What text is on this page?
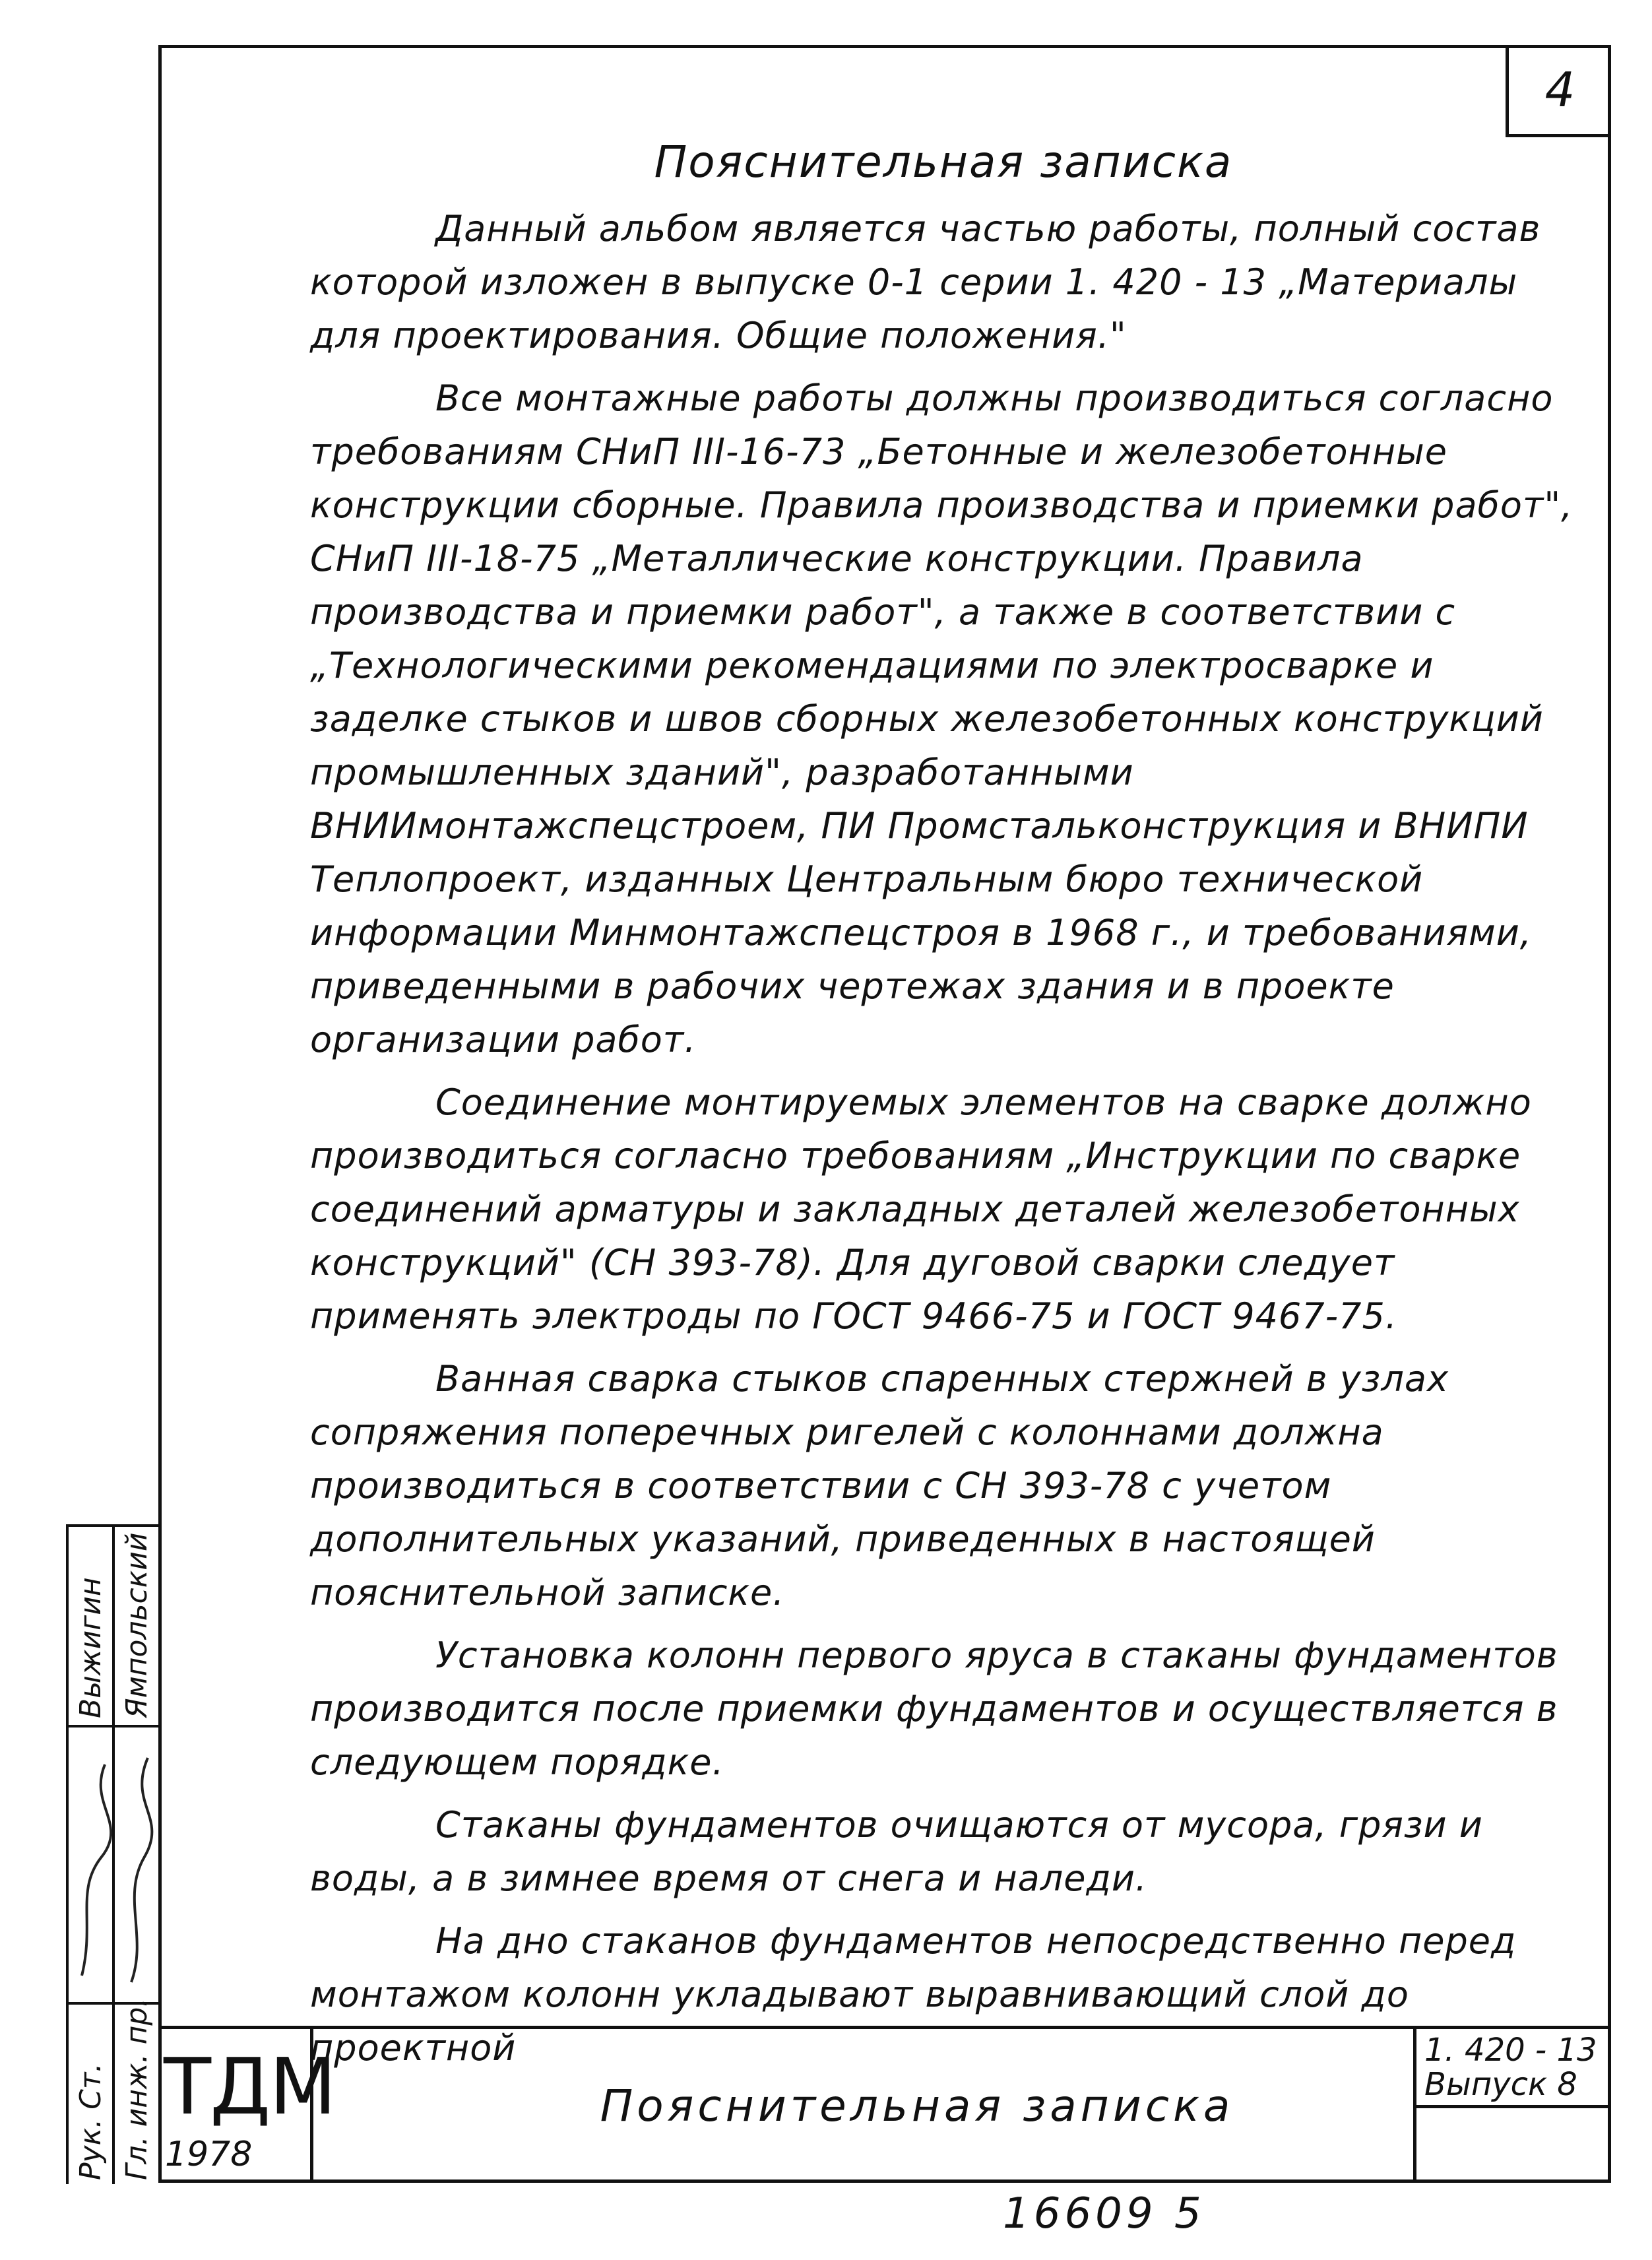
4

Пояснительная записка

Данный альбом является частью работы, полный состав которой изложен в выпуске 0-1 серии 1. 420 - 13 „Материалы для проектирования. Общие положения."

Все монтажные работы должны производиться согласно требованиям СНиП III-16-73 „Бетонные и железобетонные конструкции сборные. Правила производства и приемки работ", СНиП III-18-75 „Металлические конструкции. Правила производства и приемки работ", а также в соответствии с „Технологическими рекомендациями по электросварке и заделке стыков и швов сборных железобетонных конструкций промышленных зданий", разработанными ВНИИмонтажспецстроем, ПИ Промстальконструкция и ВНИПИ Теплопроект, изданных Центральным бюро технической информации Минмонтажспецстроя в 1968 г., и требованиями, приведенными в рабочих чертежах здания и в проекте организации работ.

Соединение монтируемых элементов на сварке должно производиться согласно требованиям „Инструкции по сварке соединений арматуры и закладных деталей железобетонных конструкций" (СН 393-78). Для дуговой сварки следует применять электроды по ГОСТ 9466-75 и ГОСТ 9467-75.

Ванная сварка стыков спаренных стержней в узлах сопряжения поперечных ригелей с колоннами должна производиться в соответствии с СН 393-78 с учетом дополнительных указаний, приведенных в настоящей пояснительной записке.

Установка колонн первого яруса в стаканы фундаментов производится после приемки фундаментов и осуществляется в следующем порядке.

Стаканы фундаментов очищаются от мусора, грязи и воды, а в зимнее время от снега и наледи.

На дно стаканов фундаментов непосредственно перед монтажом колонн укладывают выравнивающий слой до проектной

Рук. Ст. Гл. инж. пр.
Выжигин Ямпольский
ТДМ
1978
Пояснительная записка
1. 420 - 13
Выпуск 8
16609 5
